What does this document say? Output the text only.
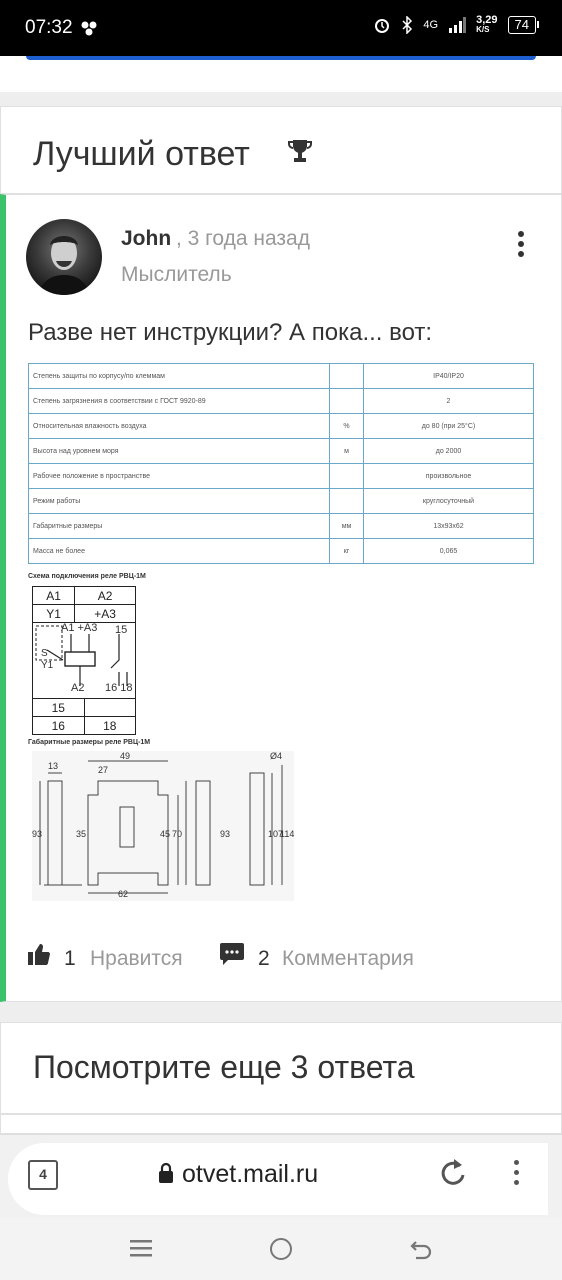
07:32	4G	3,29
K/S	74
Лучший ответ
John , 3 года назад
Мыслитель
Разве нет инструкции? А пока... вот:
Степень защиты по корпусу/по клеммам		IP40/IP20
Степень загрязнения в соответствии с ГОСТ 9920-89		2
Относительная влажность воздуха	%	до 80 (при 25°С)
Высота над уровнем моря	м	до 2000
Рабочее положение в пространстве		произвольное
Режим работы		круглосуточный
Габаритные размеры	мм	13х93х62
Масса не более	кг	0,065
Схема подключения реле РВЦ-1М
A1	A2
Y1	+A3
A1 +A3 15
S
Y1
A2 16 18
15	
16	18
Габаритные размеры реле РВЦ-1М
13
49
27
93	35	45 70
62
93
Ø4
107
114
1 Нравится	2 Комментария
Посмотрите еще 3 ответа
4	otvet.mail.ru
